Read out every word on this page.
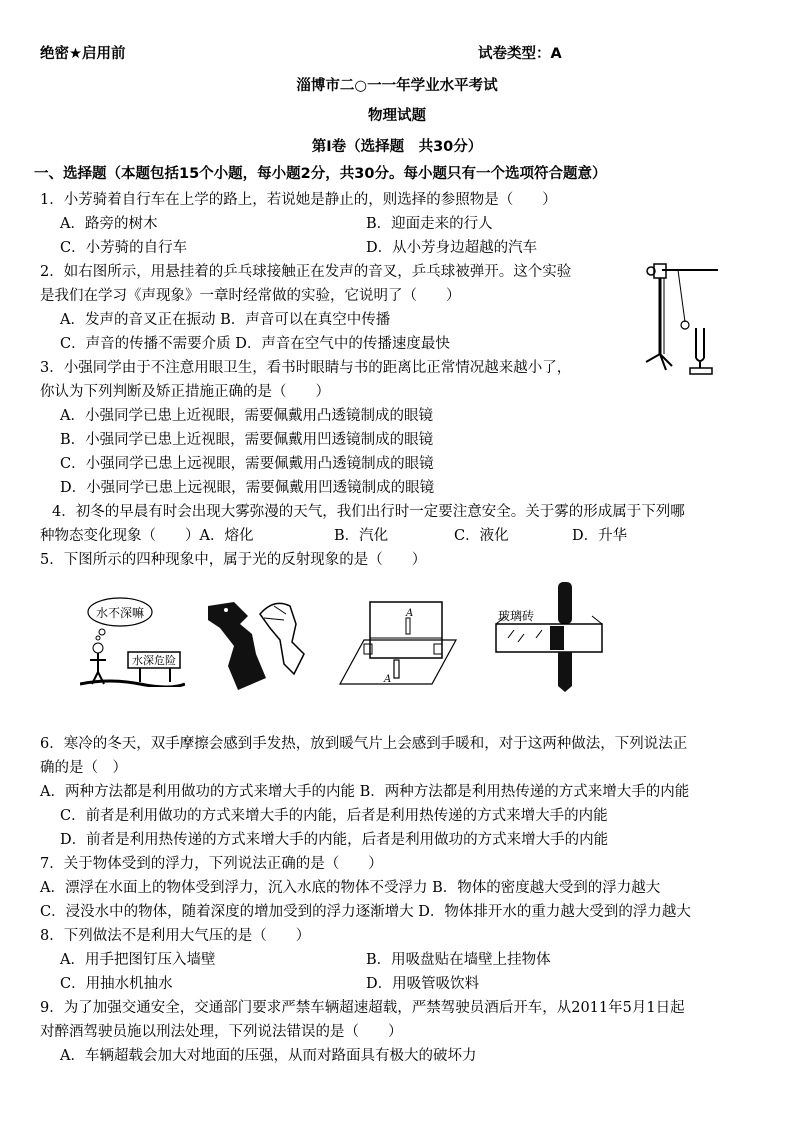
绝密★启用前	试卷类型：A
淄博市二○一一年学业水平考试
物理试题
第Ⅰ卷（选择题　共30分）
一、选择题（本题包括15个小题，每小题2分，共30分。每小题只有一个选项符合题意）
1．小芳骑着自行车在上学的路上，若说她是静止的，则选择的参照物是（　　）
A．路旁的树木	B．迎面走来的行人
C．小芳骑的自行车	D．从小芳身边超越的汽车
2．如右图所示，用悬挂着的乒乓球接触正在发声的音叉，乒乓球被弹开。这个实验
是我们在学习《声现象》一章时经常做的实验，它说明了（　　）
A．发声的音叉正在振动 B．声音可以在真空中传播
C．声音的传播不需要介质 D．声音在空气中的传播速度最快
3．小强同学由于不注意用眼卫生，看书时眼睛与书的距离比正常情况越来越小了，
你认为下列判断及矫正措施正确的是（　　）
A．小强同学已患上近视眼，需要佩戴用凸透镜制成的眼镜
B．小强同学已患上近视眼，需要佩戴用凹透镜制成的眼镜
C．小强同学已患上远视眼，需要佩戴用凸透镜制成的眼镜
D．小强同学已患上远视眼，需要佩戴用凹透镜制成的眼镜
4．初冬的早晨有时会出现大雾弥漫的天气，我们出行时一定要注意安全。关于雾的形成属于下列哪
种物态变化现象（　　）A．熔化	B．汽化	C．液化	D．升华
5．下图所示的四种现象中，属于光的反射现象的是（　　）
水不深嘛
水深危险
A
A
玻璃砖
6．寒冷的冬天，双手摩擦会感到手发热，放到暖气片上会感到手暖和，对于这两种做法，下列说法正
确的是（　）
A．两种方法都是利用做功的方式来增大手的内能 B．两种方法都是利用热传递的方式来增大手的内能
C．前者是利用做功的方式来增大手的内能，后者是利用热传递的方式来增大手的内能
D．前者是利用热传递的方式来增大手的内能，后者是利用做功的方式来增大手的内能
7．关于物体受到的浮力，下列说法正确的是（　　）
A．漂浮在水面上的物体受到浮力，沉入水底的物体不受浮力 B．物体的密度越大受到的浮力越大
C．浸没水中的物体，随着深度的增加受到的浮力逐渐增大 D．物体排开水的重力越大受到的浮力越大
8．下列做法不是利用大气压的是（　　）
A．用手把图钉压入墙壁	B．用吸盘贴在墙壁上挂物体
C．用抽水机抽水	D．用吸管吸饮料
9．为了加强交通安全，交通部门要求严禁车辆超速超载，严禁驾驶员酒后开车，从2011年5月1日起
对醉酒驾驶员施以刑法处理，下列说法错误的是（　　）
A．车辆超载会加大对地面的压强，从而对路面具有极大的破坏力
